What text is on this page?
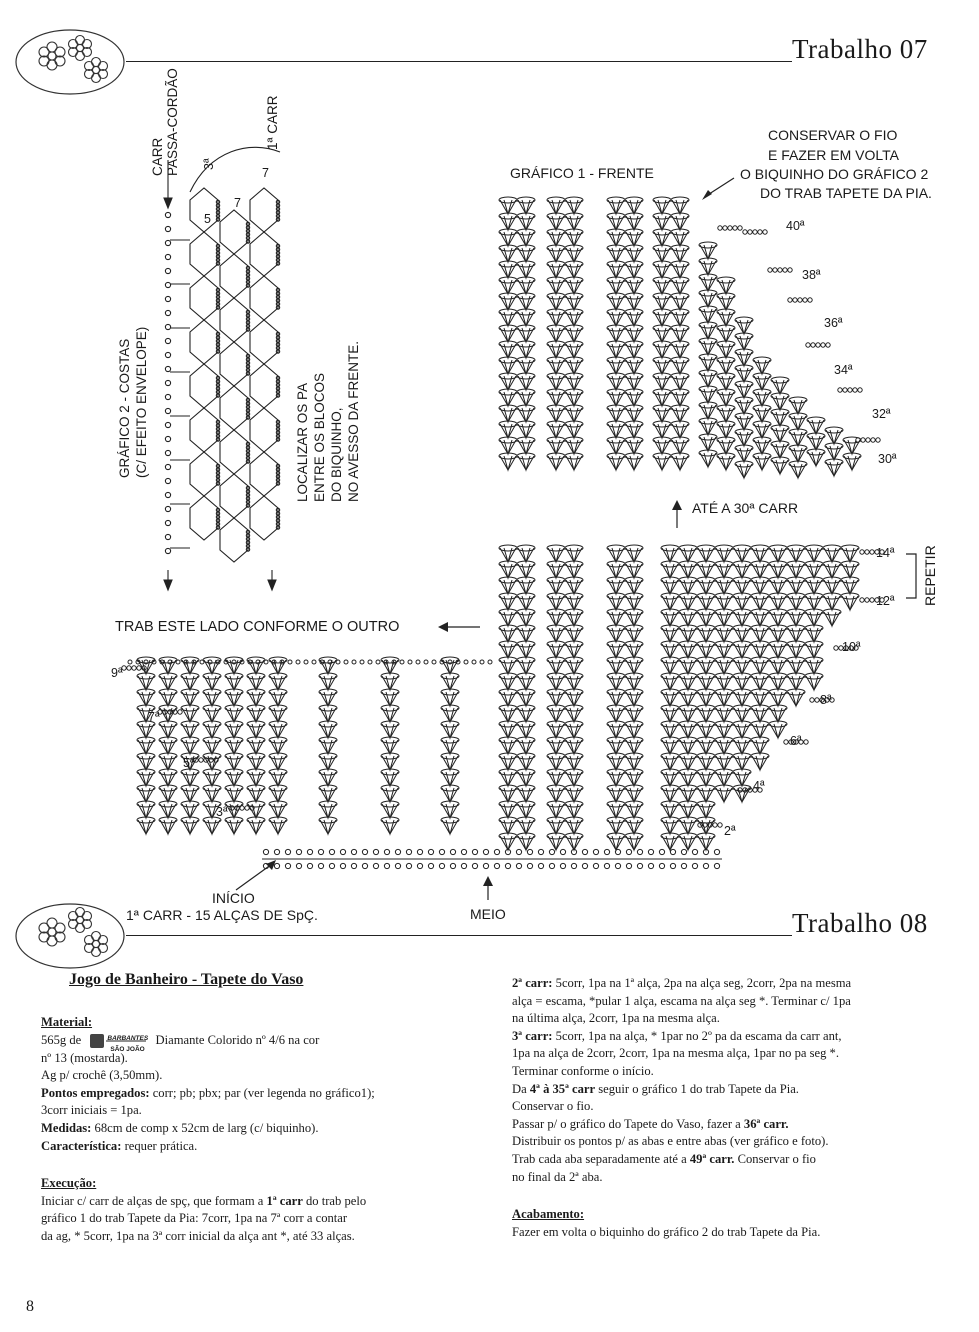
Trabalho 07
CARR
PASSA-CORDÃO	1ª CARR
3ª
5
7
7
GRÁFICO 2 - COSTAS
(C/ EFEITO ENVELOPE)
LOCALIZAR OS PA
ENTRE OS BLOCOS
DO BIQUINHO,
NO AVESSO DA FRENTE.
GRÁFICO 1 - FRENTE
CONSERVAR O FIO
E FAZER EM VOLTA
O BIQUINHO DO GRÁFICO 2
DO TRAB TAPETE DA PIA.
ATÉ A 30ª CARR
REPETIR
TRAB ESTE LADO CONFORME O OUTRO
INÍCIO
1ª CARR - 15 ALÇAS DE SpÇ.	MEIO
40ª
38ª
36ª
34ª
32ª
30ª
14ª
12ª
10ª
8ª
6ª
4ª
2ª
9ª
7ª
5ª
3ª
Trabalho 08
Jogo de Banheiro - Tapete do Vaso

Material:

565g de	BARBANTES
SÃO JOÃO
Diamante Colorido nº 4/6 na cor

nº 13 (mostarda).

Ag p/ crochê (3,50mm).

Pontos empregados: corr; pb; pbx; par (ver legenda no gráfico1);

3corr iniciais = 1pa.

Medidas: 68cm de comp x 52cm de larg (c/ biquinho).

Característica: requer prática.

Execução:

Iniciar c/ carr de alças de spç, que formam a 1ª carr do trab pelo

gráfico 1 do trab Tapete da Pia: 7corr, 1pa na 7ª corr a contar

da ag, * 5corr, 1pa na 3ª corr inicial da alça ant *, até 33 alças.

2ª carr: 5corr, 1pa na 1ª alça, 2pa na alça seg, 2corr, 2pa na mesma

alça = escama, *pular 1 alça, escama na alça seg *. Terminar c/ 1pa

na última alça, 2corr, 1pa na mesma alça.

3ª carr: 5corr, 1pa na alça, * 1par no 2º pa da escama da carr ant,

1pa na alça de 2corr, 2corr, 1pa na mesma alça, 1par no pa seg *.

Terminar conforme o início.

Da 4ª à 35ª carr seguir o gráfico 1 do trab Tapete da Pia.

Conservar o fio.

Passar p/ o gráfico do Tapete do Vaso, fazer a 36ª carr.

Distribuir os pontos p/ as abas e entre abas (ver gráfico e foto).

Trab cada aba separadamente até a 49ª carr. Conservar o fio

no final da 2ª aba.

Acabamento:

Fazer em volta o biquinho do gráfico 2 do trab Tapete da Pia.

8
